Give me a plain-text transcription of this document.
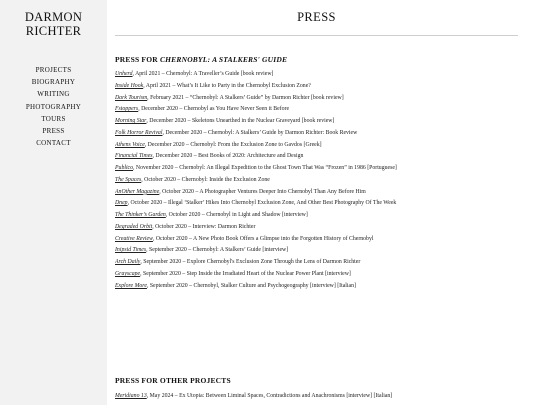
DARMON
RICHTER
PROJECTS
BIOGRAPHY
WRITING
PHOTOGRAPHY
TOURS
PRESS
CONTACT
PRESS
PRESS FOR CHERNOBYL: A STALKERS' GUIDE
Unherd, April 2021 – Chernobyl: A Traveller’s Guide [book review]
Inside Hook, April 2021 – What’s It Like to Party in the Chernobyl Exclusion Zone?
Dark Tourism, February 2021 – “Chernobyl: A Stalkers’ Guide” by Darmon Richter [book review]
Fstoppers, December 2020 – Chernobyl as You Have Never Seen it Before
Morning Star, December 2020 – Skeletons Unearthed in the Nuclear Graveyard [book review]
Folk Horror Revival, December 2020 – Chernobyl: A Stalkers’ Guide by Darmon Richter: Book Review
Athens Voice, December 2020 – Chernobyl: From the Exclusion Zone to Gavdos [Greek]
Financial Times, December 2020 – Best Books of 2020: Architecture and Design
Publico, November 2020 – Chernobyl: An Illegal Expedition to the Ghost Town That Was “Frozen” in 1986 [Portuguese]
The Spaces, October 2020 – Chernobyl: Inside the Exclusion Zone
AnOther Magazine, October 2020 – A Photographer Ventures Deeper Into Chernobyl Than Any Before Him
Dnep, October 2020 – Illegal ‘Stalker’ Hikes Into Chernobyl Exclusion Zone, And Other Best Photography Of The Week
The Thinker’s Garden, October 2020 – Chernobyl in Light and Shadow [interview]
Degraded Orbit, October 2020 – Interview: Darmon Richter
Creative Review, October 2020 – A New Photo Book Offers a Glimpse into the Forgotten History of Chernobyl
Inipsid Times, September 2020 – Chernobyl: A Stalkers’ Guide [interview]
Arch Daily, September 2020 – Explore Chernobyl's Exclusion Zone Through the Lens of Darmon Richter
Grayscape, September 2020 – Step Inside the Irradiated Heart of the Nuclear Power Plant [interview]
Explore More, September 2020 – Chernobyl, Stalker Culture and Psychogeography [interview] [Italian]
PRESS FOR OTHER PROJECTS
Meridiano 13, May 2024 – Ex Utopia: Between Liminal Spaces, Contradictions and Anachronisms [interview] [Italian]
